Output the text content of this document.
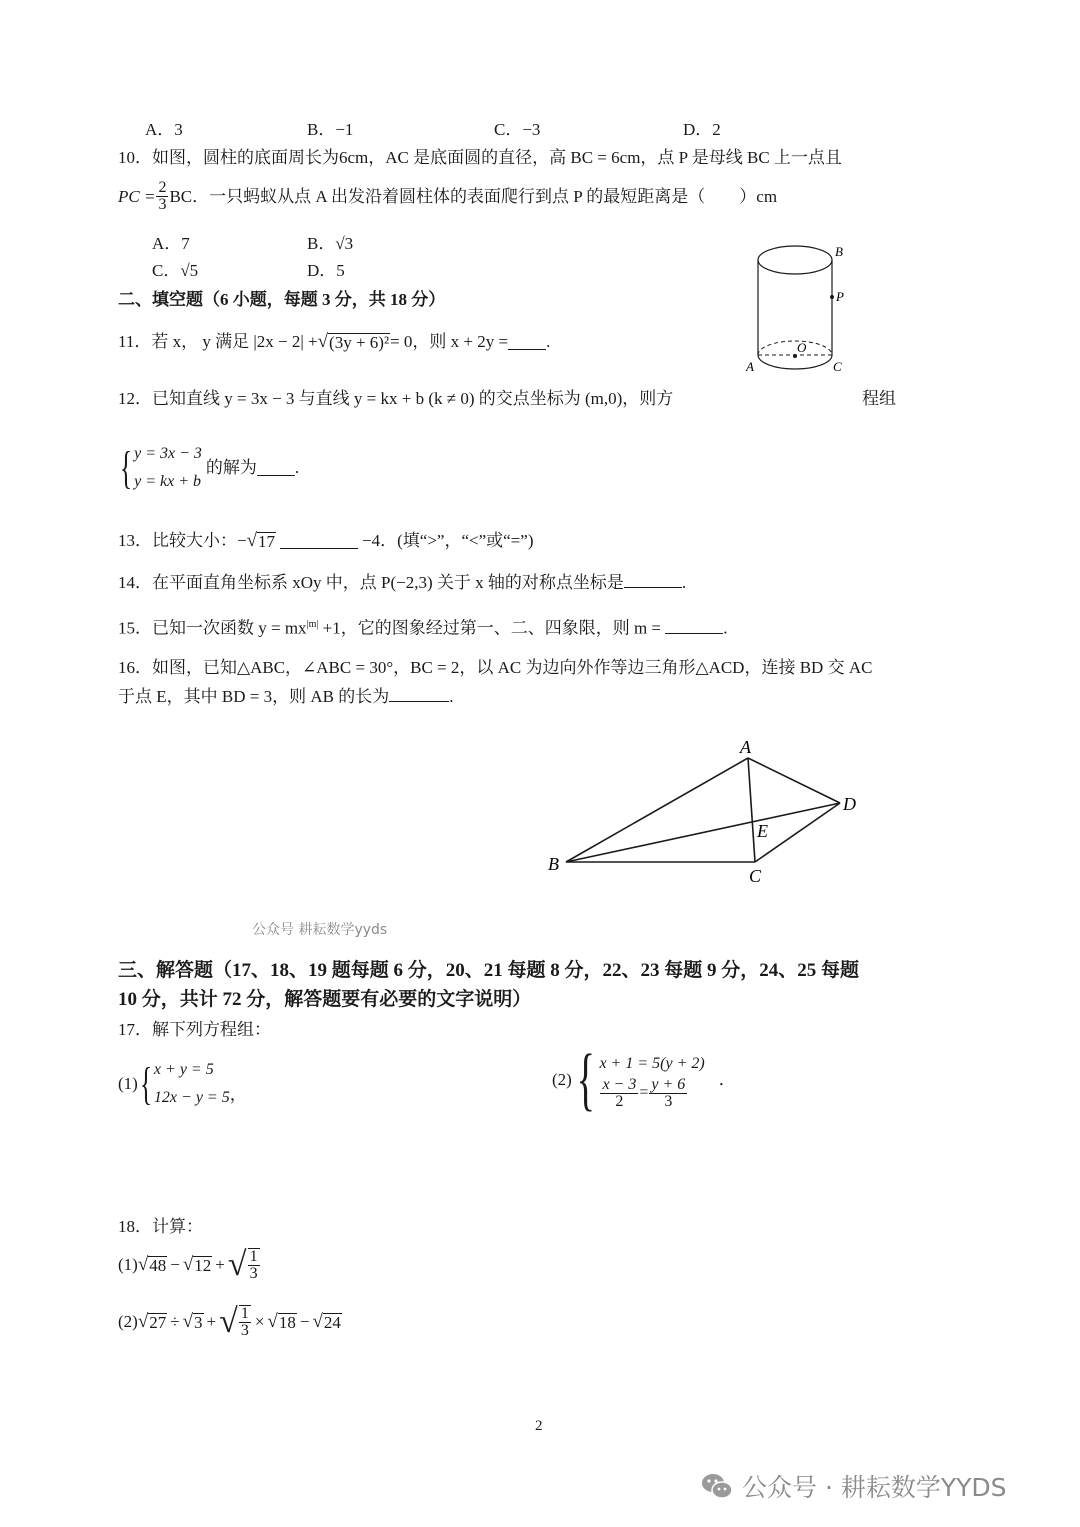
A．3	B．−1	C．−3	D．2
10．如图，圆柱的底面周长为6cm，AC 是底面圆的直径，高 BC = 6cm，点 P 是母线 BC 上一点且
PC = $\frac{2}{3}$ BC．一只蚂蚁从点 A 出发沿着圆柱体的表面爬行到点 P 的最短距离是（　　）cm
A．7	B．√3
C．√5	D．5
B
P
O
A	C
二、填空题（6 小题，每题 3 分，共 18 分）
11．若 x， y 满足 |2x − 2| + √ (3y + 6)² = 0，则 x + 2y = .
12．已知直线 y = 3x − 3 与直线 y = kx + b (k ≠ 0) 的交点坐标为 (m,0)，则方	程组
{ y = 3x − 3
y = kx + b
的解为 .
13．比较大小：− √ 17	−4．(填“>”，“<”或“=”)
14．在平面直角坐标系 xOy 中，点 P(−2,3) 关于 x 轴的对称点坐标是	.
15．已知一次函数 $y = mx^{|m|} +1$，它的图象经过第一、二、四象限，则 m =	.
16．如图，已知△ABC，∠ABC = 30°，BC = 2，以 AC 为边向外作等边三角形△ACD，连接 BD 交 AC
于点 E，其中 BD = 3，则 AB 的长为	.
A
B
C
D
E
公众号 耕耘数学yyds
三、解答题（17、18、19 题每题 6 分，20、21 每题 8 分，22、23 每题 9 分，24、25 每题
10 分，共计 72 分，解答题要有必要的文字说明）
17．解下列方程组：
(1) { x + y = 5
12x − y = 5 ，
(2) { x + 1 = 5(y + 2)
$\frac{x - 3}{2} = \frac{y + 6}{3}$ ．
18．计算：
(1) √ 48 − √ 12 + √ $\frac{1}{3}$
(2) √ 27 ÷ √ 3 + √ $\frac{1}{3}$ × √ 18 − √ 24
2
公众号 · 耕耘数学YYDS
